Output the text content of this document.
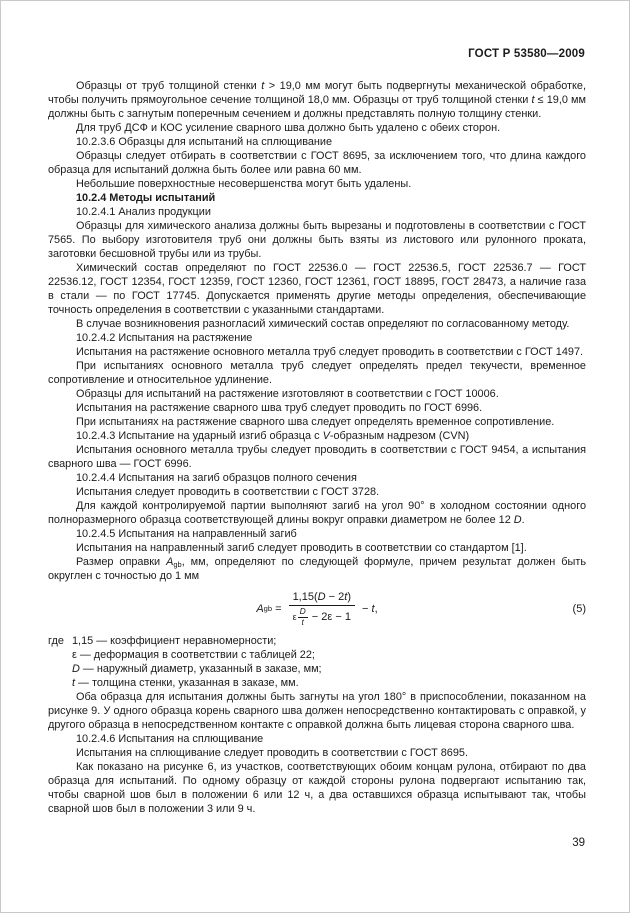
ГОСТ Р 53580—2009

Образцы от труб толщиной стенки t > 19,0 мм могут быть подвергнуты механической обработке, чтобы получить прямоугольное сечение толщиной 18,0 мм. Образцы от труб толщиной стенки t ≤ 19,0 мм должны быть с загнутым поперечным сечением и должны представлять полную толщину стенки.

Для труб ДСФ и КОС усиление сварного шва должно быть удалено с обеих сторон.

10.2.3.6 Образцы для испытаний на сплющивание

Образцы следует отбирать в соответствии с ГОСТ 8695, за исключением того, что длина каждого образца для испытаний должна быть более или равна 60 мм.

Небольшие поверхностные несовершенства могут быть удалены.

10.2.4 Методы испытаний

10.2.4.1 Анализ продукции

Образцы для химического анализа должны быть вырезаны и подготовлены в соответствии с ГОСТ 7565. По выбору изготовителя труб они должны быть взяты из листового или рулонного проката, заготовки бесшовной трубы или из трубы.

Химический состав определяют по ГОСТ 22536.0 — ГОСТ 22536.5, ГОСТ 22536.7 — ГОСТ 22536.12, ГОСТ 12354, ГОСТ 12359, ГОСТ 12360, ГОСТ 12361, ГОСТ 18895, ГОСТ 28473, а наличие газа в стали — по ГОСТ 17745. Допускается применять другие методы определения, обеспечивающие точность определения в соответствии с указанными стандартами.

В случае возникновения разногласий химический состав определяют по согласованному методу.

10.2.4.2 Испытания на растяжение

Испытания на растяжение основного металла труб следует проводить в соответствии с ГОСТ 1497.

При испытаниях основного металла труб следует определять предел текучести, временное сопротивление и относительное удлинение.

Образцы для испытаний на растяжение изготовляют в соответствии с ГОСТ 10006.

Испытания на растяжение сварного шва труб следует проводить по ГОСТ 6996.

При испытаниях на растяжение сварного шва следует определять временное сопротивление.

10.2.4.3 Испытание на ударный изгиб образца с V-образным надрезом (CVN)

Испытания основного металла трубы следует проводить в соответствии с ГОСТ 9454, а испытания сварного шва — ГОСТ 6996.

10.2.4.4 Испытания на загиб образцов полного сечения

Испытания следует проводить в соответствии с ГОСТ 3728.

Для каждой контролируемой партии выполняют загиб на угол 90° в холодном состоянии одного полноразмерного образца соответствующей длины вокруг оправки диаметром не более 12 D.

10.2.4.5 Испытания на направленный загиб

Испытания на направленный загиб следует проводить в соответствии со стандартом [1].

Размер оправки $A_{gb}$, мм, определяют по следующей формуле, причем результат должен быть округлен с точностью до 1 мм

A gb = $\frac{1,15(D - 2t)}{\varepsilon \frac{D}{t} - 2\varepsilon - 1} - t$ ,	(5)
где 1,15 — коэффициент неравномерности;
ε — деформация в соответствии с таблицей 22;
D — наружный диаметр, указанный в заказе, мм;
t — толщина стенки, указанная в заказе, мм.

Оба образца для испытания должны быть загнуты на угол 180° в приспособлении, показанном на рисунке 9. У одного образца корень сварного шва должен непосредственно контактировать с оправкой, у другого образца в непосредственном контакте с оправкой должна быть лицевая сторона сварного шва.

10.2.4.6 Испытания на сплющивание

Испытания на сплющивание следует проводить в соответствии с ГОСТ 8695.

Как показано на рисунке 6, из участков, соответствующих обоим концам рулона, отбирают по два образца для испытаний. По одному образцу от каждой стороны рулона подвергают испытанию так, чтобы сварной шов был в положении 6 или 12 ч, а два оставшихся образца испытывают так, чтобы сварной шов был в положении 3 или 9 ч.

39
